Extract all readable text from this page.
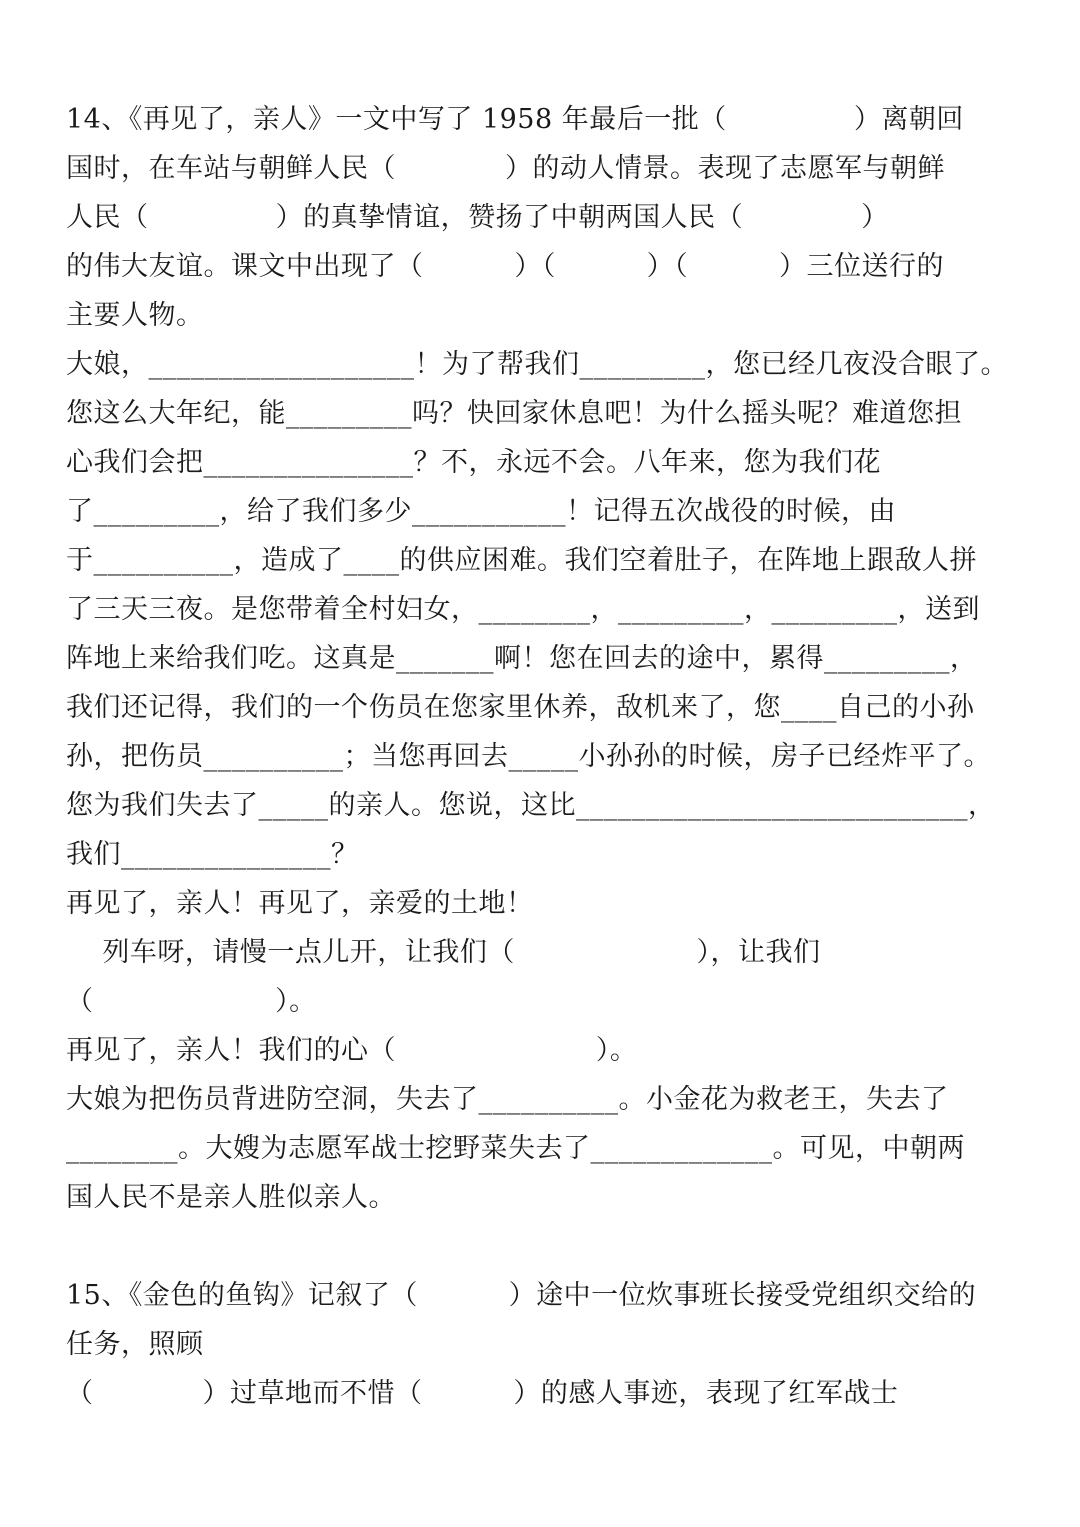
14、《再见了，亲人》一文中写了 1958 年最后一批（              ）离朝回
国时，在车站与朝鲜人民（            ）的动人情景。表现了志愿军与朝鲜
人民（              ）的真挚情谊，赞扬了中朝两国人民（             ）
的伟大友谊。课文中出现了（          ）（          ）（          ）三位送行的
主要人物。
大娘，___________________！为了帮我们_________，您已经几夜没合眼了。
您这么大年纪，能_________吗？快回家休息吧！为什么摇头呢？难道您担
心我们会把_______________？不，永远不会。八年来，您为我们花
了_________，给了我们多少___________！记得五次战役的时候，由
于__________，造成了____的供应困难。我们空着肚子，在阵地上跟敌人拼
了三天三夜。是您带着全村妇女，________，_________，_________，送到
阵地上来给我们吃。这真是_______啊！您在回去的途中，累得_________，
我们还记得，我们的一个伤员在您家里休养，敌机来了，您____自己的小孙
孙，把伤员__________；当您再回去_____小孙孙的时候，房子已经炸平了。
您为我们失去了_____的亲人。您说，这比____________________________，
我们_______________？
再见了，亲人！再见了，亲爱的土地！
列车呀，请慢一点儿开，让我们（                    ），让我们
（                    ）。
再见了，亲人！我们的心（                      ）。
大娘为把伤员背进防空洞，失去了__________。小金花为救老王，失去了
________。大嫂为志愿军战士挖野菜失去了_____________。可见，中朝两
国人民不是亲人胜似亲人。
15、《金色的鱼钩》记叙了（          ）途中一位炊事班长接受党组织交给的
任务，照顾
（            ）过草地而不惜（          ）的感人事迹，表现了红军战士
